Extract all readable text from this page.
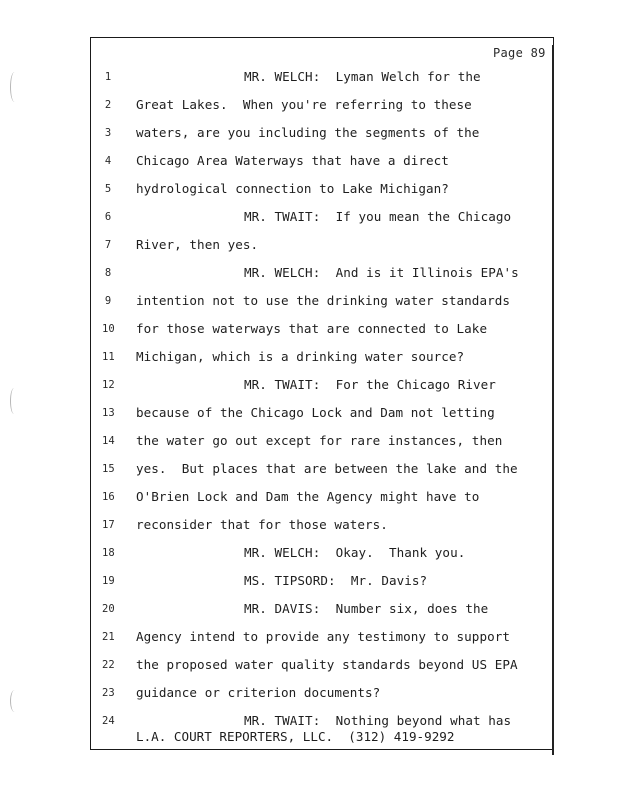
Page 89
1	MR. WELCH:  Lyman Welch for the
2 Great Lakes.  When you're referring to these
3 waters, are you including the segments of the
4 Chicago Area Waterways that have a direct
5 hydrological connection to Lake Michigan?
6	MR. TWAIT:  If you mean the Chicago
7 River, then yes.
8	MR. WELCH:  And is it Illinois EPA's
9 intention not to use the drinking water standards
10 for those waterways that are connected to Lake
11 Michigan, which is a drinking water source?
12	MR. TWAIT:  For the Chicago River
13 because of the Chicago Lock and Dam not letting
14 the water go out except for rare instances, then
15 yes.  But places that are between the lake and the
16 O'Brien Lock and Dam the Agency might have to
17 reconsider that for those waters.
18	MR. WELCH:  Okay.  Thank you.
19	MS. TIPSORD:  Mr. Davis?
20	MR. DAVIS:  Number six, does the
21 Agency intend to provide any testimony to support
22 the proposed water quality standards beyond US EPA
23 guidance or criterion documents?
24	MR. TWAIT:  Nothing beyond what has
L.A. COURT REPORTERS, LLC.  (312) 419-9292
